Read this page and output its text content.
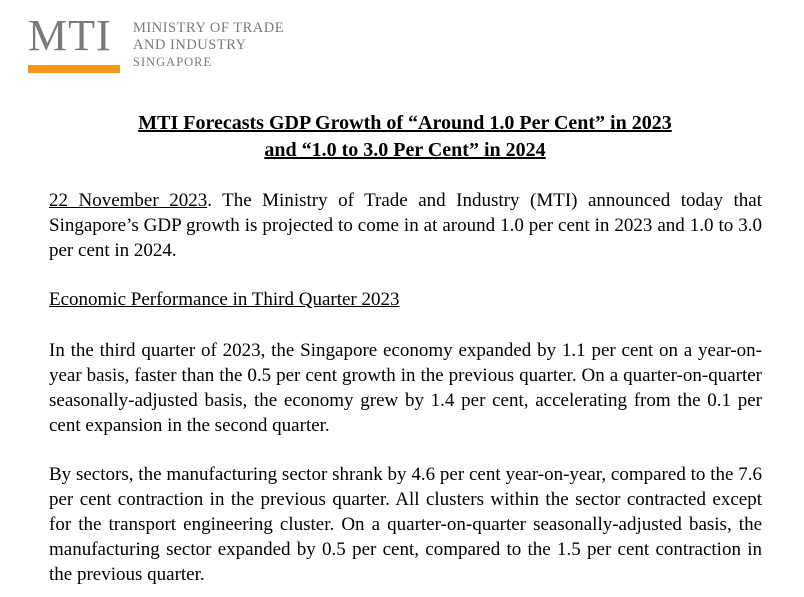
MTI MINISTRY OF TRADE
AND INDUSTRY
SINGAPORE
MTI Forecasts GDP Growth of “Around 1.0 Per Cent” in 2023
and “1.0 to 3.0 Per Cent” in 2024

22 November 2023. The Ministry of Trade and Industry (MTI) announced today that Singapore’s GDP growth is projected to come in at around 1.0 per cent in 2023 and 1.0 to 3.0 per cent in 2024.

Economic Performance in Third Quarter 2023

In the third quarter of 2023, the Singapore economy expanded by 1.1 per cent on a year-on-year basis, faster than the 0.5 per cent growth in the previous quarter. On a quarter-on-quarter seasonally-adjusted basis, the economy grew by 1.4 per cent, accelerating from the 0.1 per cent expansion in the second quarter.

By sectors, the manufacturing sector shrank by 4.6 per cent year-on-year, compared to the 7.6 per cent contraction in the previous quarter. All clusters within the sector contracted except for the transport engineering cluster. On a quarter-on-quarter seasonally-adjusted basis, the manufacturing sector expanded by 0.5 per cent, compared to the 1.5 per cent contraction in the previous quarter.
